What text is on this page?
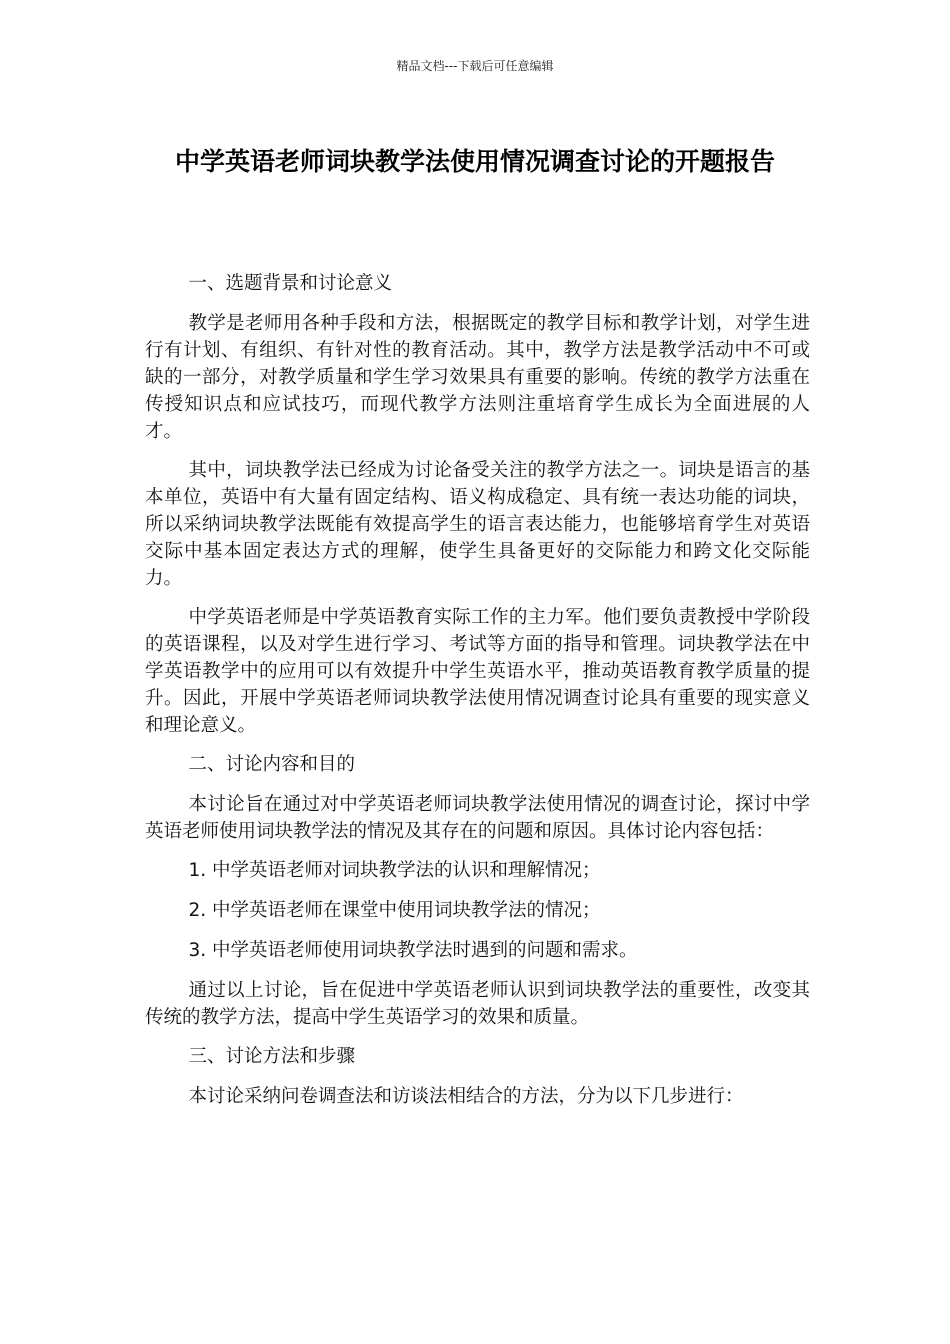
精品文档---下载后可任意编辑
中学英语老师词块教学法使用情况调查讨论的开题报告

一、选题背景和讨论意义

教学是老师用各种手段和方法，根据既定的教学目标和教学计划，对学生进行有计划、有组织、有针对性的教育活动。其中，教学方法是教学活动中不可或缺的一部分，对教学质量和学生学习效果具有重要的影响。传统的教学方法重在传授知识点和应试技巧，而现代教学方法则注重培育学生成长为全面进展的人才。

其中，词块教学法已经成为讨论备受关注的教学方法之一。词块是语言的基本单位，英语中有大量有固定结构、语义构成稳定、具有统一表达功能的词块，所以采纳词块教学法既能有效提高学生的语言表达能力，也能够培育学生对英语交际中基本固定表达方式的理解，使学生具备更好的交际能力和跨文化交际能力。

中学英语老师是中学英语教育实际工作的主力军。他们要负责教授中学阶段的英语课程，以及对学生进行学习、考试等方面的指导和管理。词块教学法在中学英语教学中的应用可以有效提升中学生英语水平，推动英语教育教学质量的提升。因此，开展中学英语老师词块教学法使用情况调查讨论具有重要的现实意义和理论意义。

二、讨论内容和目的

本讨论旨在通过对中学英语老师词块教学法使用情况的调查讨论，探讨中学英语老师使用词块教学法的情况及其存在的问题和原因。具体讨论内容包括：

1. 中学英语老师对词块教学法的认识和理解情况；

2. 中学英语老师在课堂中使用词块教学法的情况；

3. 中学英语老师使用词块教学法时遇到的问题和需求。

通过以上讨论，旨在促进中学英语老师认识到词块教学法的重要性，改变其传统的教学方法，提高中学生英语学习的效果和质量。

三、讨论方法和步骤

本讨论采纳问卷调查法和访谈法相结合的方法，分为以下几步进行：
